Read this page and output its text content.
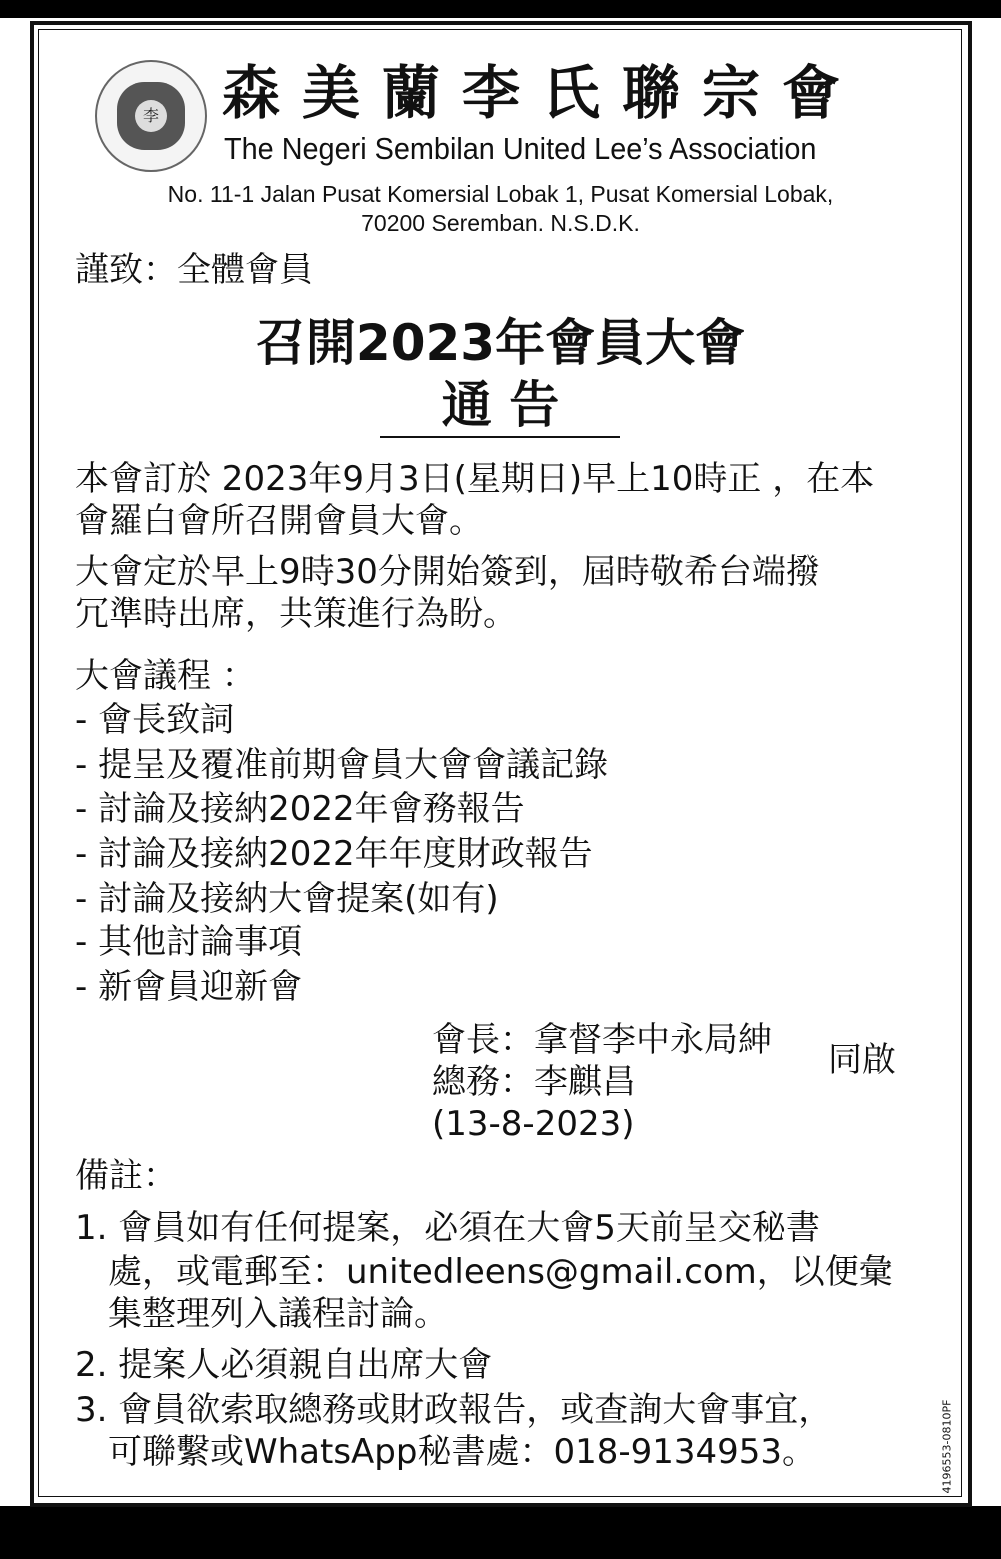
李 森美蘭李氏聯宗會
The Negeri Sembilan United Lee’s Association
No. 11-1 Jalan Pusat Komersial Lobak 1, Pusat Komersial Lobak,
70200 Seremban. N.S.D.K.
謹致：全體會員
召開2023年會員大會
通 告
本會訂於 2023年9月3日(星期日)早上10時正 ，在本
會羅白會所召開會員大會。
大會定於早上9時30分開始簽到，屆時敬希台端撥
冗準時出席，共策進行為盼。
大會議程 ：
- 會長致詞
- 提呈及覆准前期會員大會會議記錄
- 討論及接納2022年會務報告
- 討論及接納2022年年度財政報告
- 討論及接納大會提案(如有)
- 其他討論事項
- 新會員迎新會
會長：拿督李中永局紳
總務：李麒昌
(13-8-2023)
同啟
備註：
1. 會員如有任何提案，必須在大會5天前呈交秘書
處，或電郵至：unitedleens@gmail.com，以便彙
集整理列入議程討論。
2. 提案人必須親自出席大會
3. 會員欲索取總務或財政報告，或查詢大會事宜，
可聯繫或WhatsApp秘書處：018-9134953。	4196553-0810PF
